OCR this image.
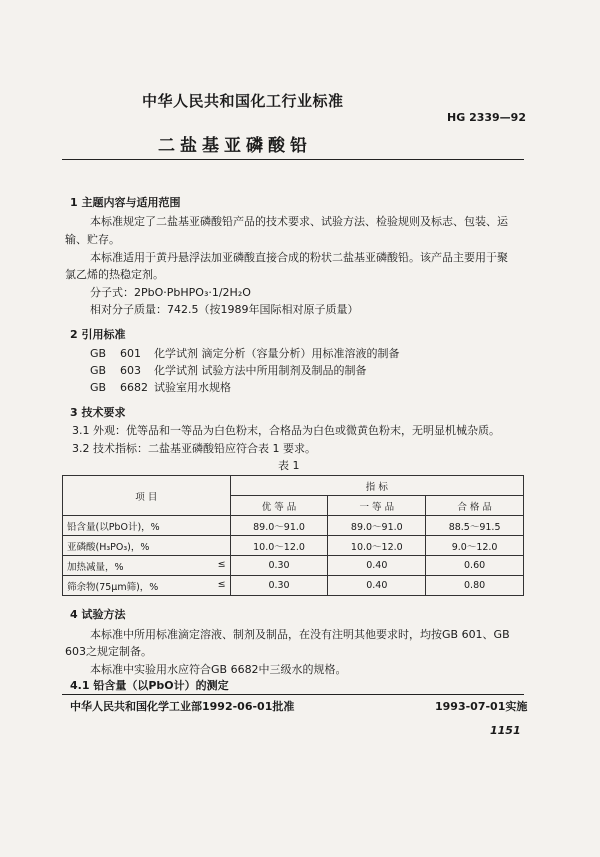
中华人民共和国化工行业标准
HG 2339—92
二盐基亚磷酸铅
1 主题内容与适用范围
本标准规定了二盐基亚磷酸铅产品的技术要求、试验方法、检验规则及标志、包装、运
输、贮存。
本标准适用于黄丹悬浮法加亚磷酸直接合成的粉状二盐基亚磷酸铅。该产品主要用于聚
氯乙烯的热稳定剂。
分子式：2PbO·PbHPO₃·1/2H₂O
相对分子质量：742.5（按1989年国际相对原子质量）
2 引用标准
GB 601 化学试剂 滴定分析（容量分析）用标准溶液的制备
GB 603 化学试剂 试验方法中所用制剂及制品的制备
GB 6682 试验室用水规格
3 技术要求
3.1 外观：优等品和一等品为白色粉末，合格品为白色或微黄色粉末，无明显机械杂质。
3.2 技术指标：二盐基亚磷酸铅应符合表 1 要求。
表 1
项 目	指 标		
	优 等 品	一 等 品	合 格 品
铅含量(以PbO计)，%	89.0～91.0	89.0～91.0	88.5～91.5
亚磷酸(H₃PO₃)，%	10.0～12.0	10.0～12.0	9.0～12.0
加热减量，% ≤	0.30	0.40	0.60
筛余物(75μm筛)，% ≤	0.30	0.40	0.80
4 试验方法
本标准中所用标准滴定溶液、制剂及制品，在没有注明其他要求时，均按GB 601、GB
603之规定制备。
本标准中实验用水应符合GB 6682中三级水的规格。
4.1 铅含量（以PbO计）的测定
中华人民共和国化学工业部1992-06-01批准	1993-07-01实施
1151
